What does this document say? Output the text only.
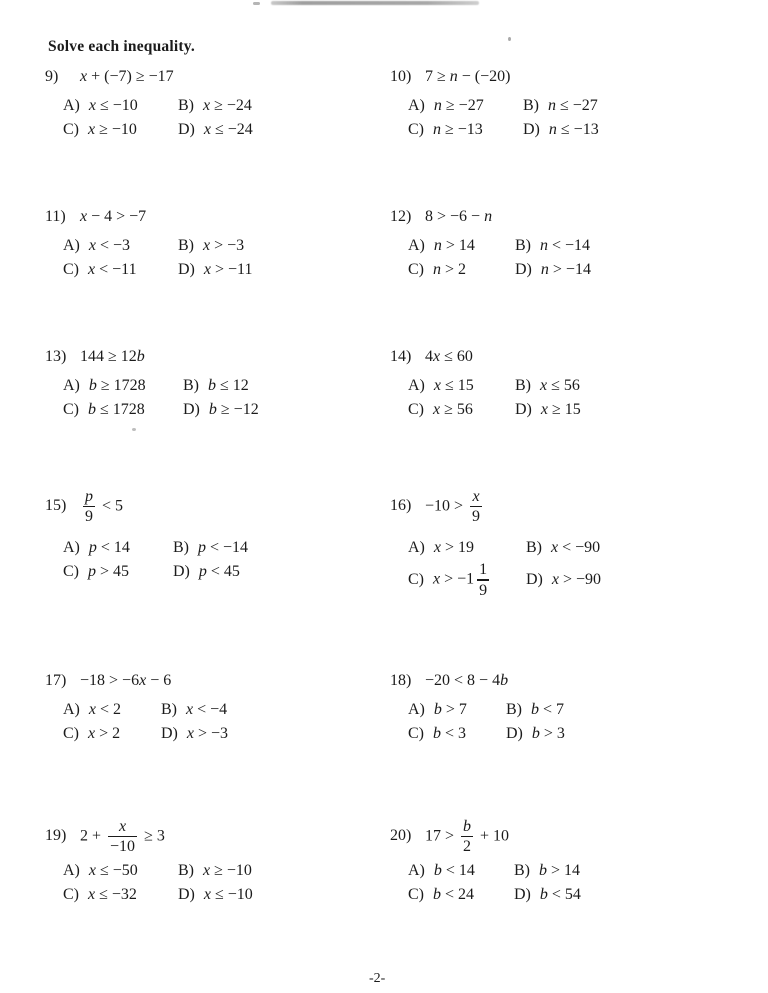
Solve each inequality.
9)	x + (−7) ≥ −17
A) x ≤ −10	B) x ≥ −24
C) x ≥ −10	D) x ≤ −24
10) 7 ≥ n − (−20)
A) n ≥ −27 B) n ≤ −27
C) n ≥ −13	D) n ≤ −13
11) x − 4 > −7
A) x < −3	B) x > −3
C) x < −11	D) x > −11
12) 8 > −6 − n
A) n > 14	B) n < −14
C) n > 2	D) n > −14
13) 144 ≥ 12b
A) b ≥ 1728 B) b ≤ 12
C) b ≤ 1728 D) b ≥ −12
14) 4x ≤ 60
A) x ≤ 15	B) x ≤ 56
C) x ≥ 56	D) x ≥ 15
15)	$\frac{p}{9} < 5$
A) p < 14	B) p < −14
C) p > 45	D) p < 45
$16) -10 > \frac{x}{9}$
A) x > 19	B) x < −90
C) $x > -1 \frac{1}{9} D$) x > −90
17) −18 > −6x − 6
A) x < 2 B) x < −4
C) x > 2	D) x > −3
18) −20 < 8 − 4b
A) b > 7 B) b < 7
C) b < 3 D) b > 3
19) $2 + \frac{x}{-10} \ge 3$
A) x ≤ −50	B) x ≥ −10
C) x ≤ −32	D) x ≤ −10
20) $17 > \frac{b}{2} + 10$
A) b < 14 B) b > 14
C) b < 24 D) b < 54
-2-
